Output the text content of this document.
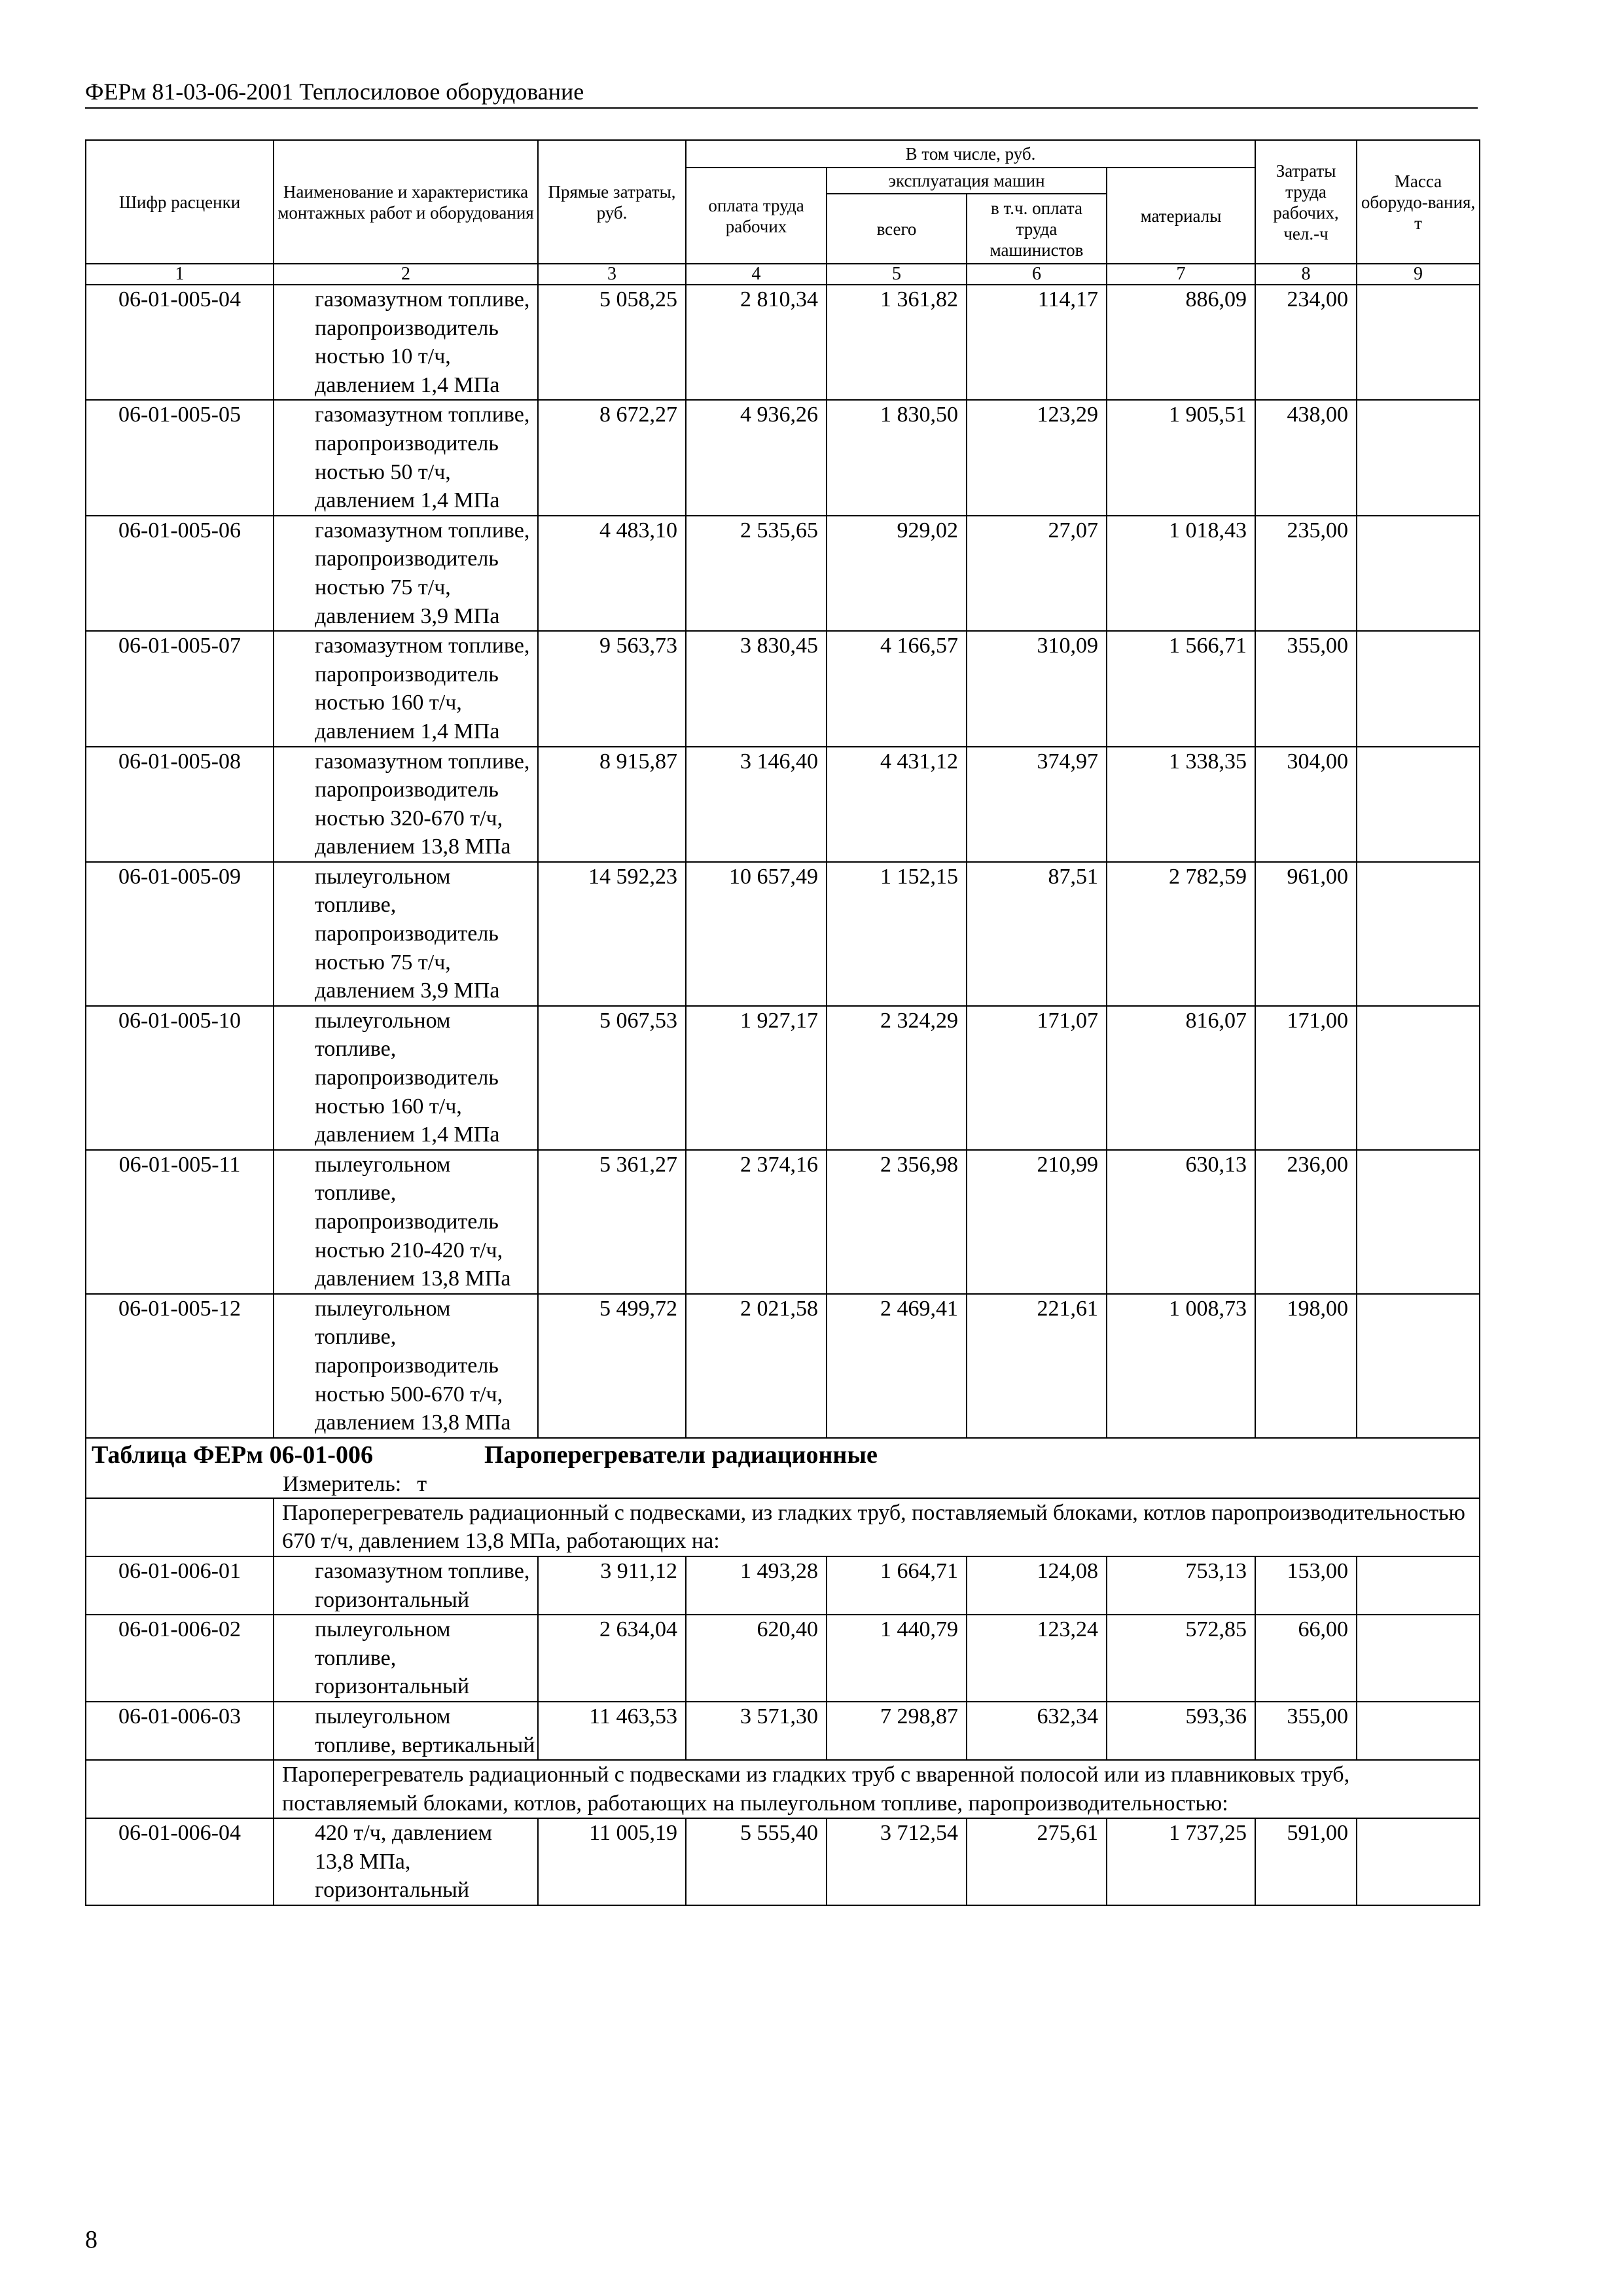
ФЕРм 81-03-06-2001 Теплосиловое оборудование
Шифр расценки	Наименование и характеристика монтажных работ и оборудования	Прямые затраты, руб.	В том числе, руб.				Затраты труда рабочих, чел.-ч	Масса оборудо-вания, т
			оплата труда рабочих	эксплуатация машин		материалы		
				всего	в т.ч. оплата труда машинистов			
1	2	3	4	5	6	7	8	9
06-01-005-04	газомазутном топливе, паропроизводитель ностью 10 т/ч, давлением 1,4 МПа	5 058,25	2 810,34	1 361,82	114,17	886,09	234,00	
06-01-005-05	газомазутном топливе, паропроизводитель ностью 50 т/ч, давлением 1,4 МПа	8 672,27	4 936,26	1 830,50	123,29	1 905,51	438,00	
06-01-005-06	газомазутном топливе, паропроизводитель ностью 75 т/ч, давлением 3,9 МПа	4 483,10	2 535,65	929,02	27,07	1 018,43	235,00	
06-01-005-07	газомазутном топливе, паропроизводитель ностью 160 т/ч, давлением 1,4 МПа	9 563,73	3 830,45	4 166,57	310,09	1 566,71	355,00	
06-01-005-08	газомазутном топливе, паропроизводитель ностью 320-670 т/ч, давлением 13,8 МПа	8 915,87	3 146,40	4 431,12	374,97	1 338,35	304,00	
06-01-005-09	пылеугольном топливе, паропроизводитель ностью 75 т/ч, давлением 3,9 МПа	14 592,23	10 657,49	1 152,15	87,51	2 782,59	961,00	
06-01-005-10	пылеугольном топливе, паропроизводитель ностью 160 т/ч, давлением 1,4 МПа	5 067,53	1 927,17	2 324,29	171,07	816,07	171,00	
06-01-005-11	пылеугольном топливе, паропроизводитель ностью 210-420 т/ч, давлением 13,8 МПа	5 361,27	2 374,16	2 356,98	210,99	630,13	236,00	
06-01-005-12	пылеугольном топливе, паропроизводитель ностью 500-670 т/ч, давлением 13,8 МПа	5 499,72	2 021,58	2 469,41	221,61	1 008,73	198,00	

Таблица ФЕРм 06-01-006 Пароперегреватели радиационные
Измеритель: т								

	Пароперегреватель радиационный с подвесками, из гладких труб, поставляемый блоками, котлов паропроизводительностью 670 т/ч, давлением 13,8 МПа, работающих на:							
06-01-006-01	газомазутном топливе, горизонтальный	3 911,12	1 493,28	1 664,71	124,08	753,13	153,00	
06-01-006-02	пылеугольном топливе, горизонтальный	2 634,04	620,40	1 440,79	123,24	572,85	66,00	
06-01-006-03	пылеугольном топливе, вертикальный	11 463,53	3 571,30	7 298,87	632,34	593,36	355,00	
	Пароперегреватель радиационный с подвесками из гладких труб с вваренной полосой или из плавниковых труб, поставляемый блоками, котлов, работающих на пылеугольном топливе, паропроизводительностью:							
06-01-006-04	420 т/ч, давлением 13,8 МПа, горизонтальный	11 005,19	5 555,40	3 712,54	275,61	1 737,25	591,00	
8
